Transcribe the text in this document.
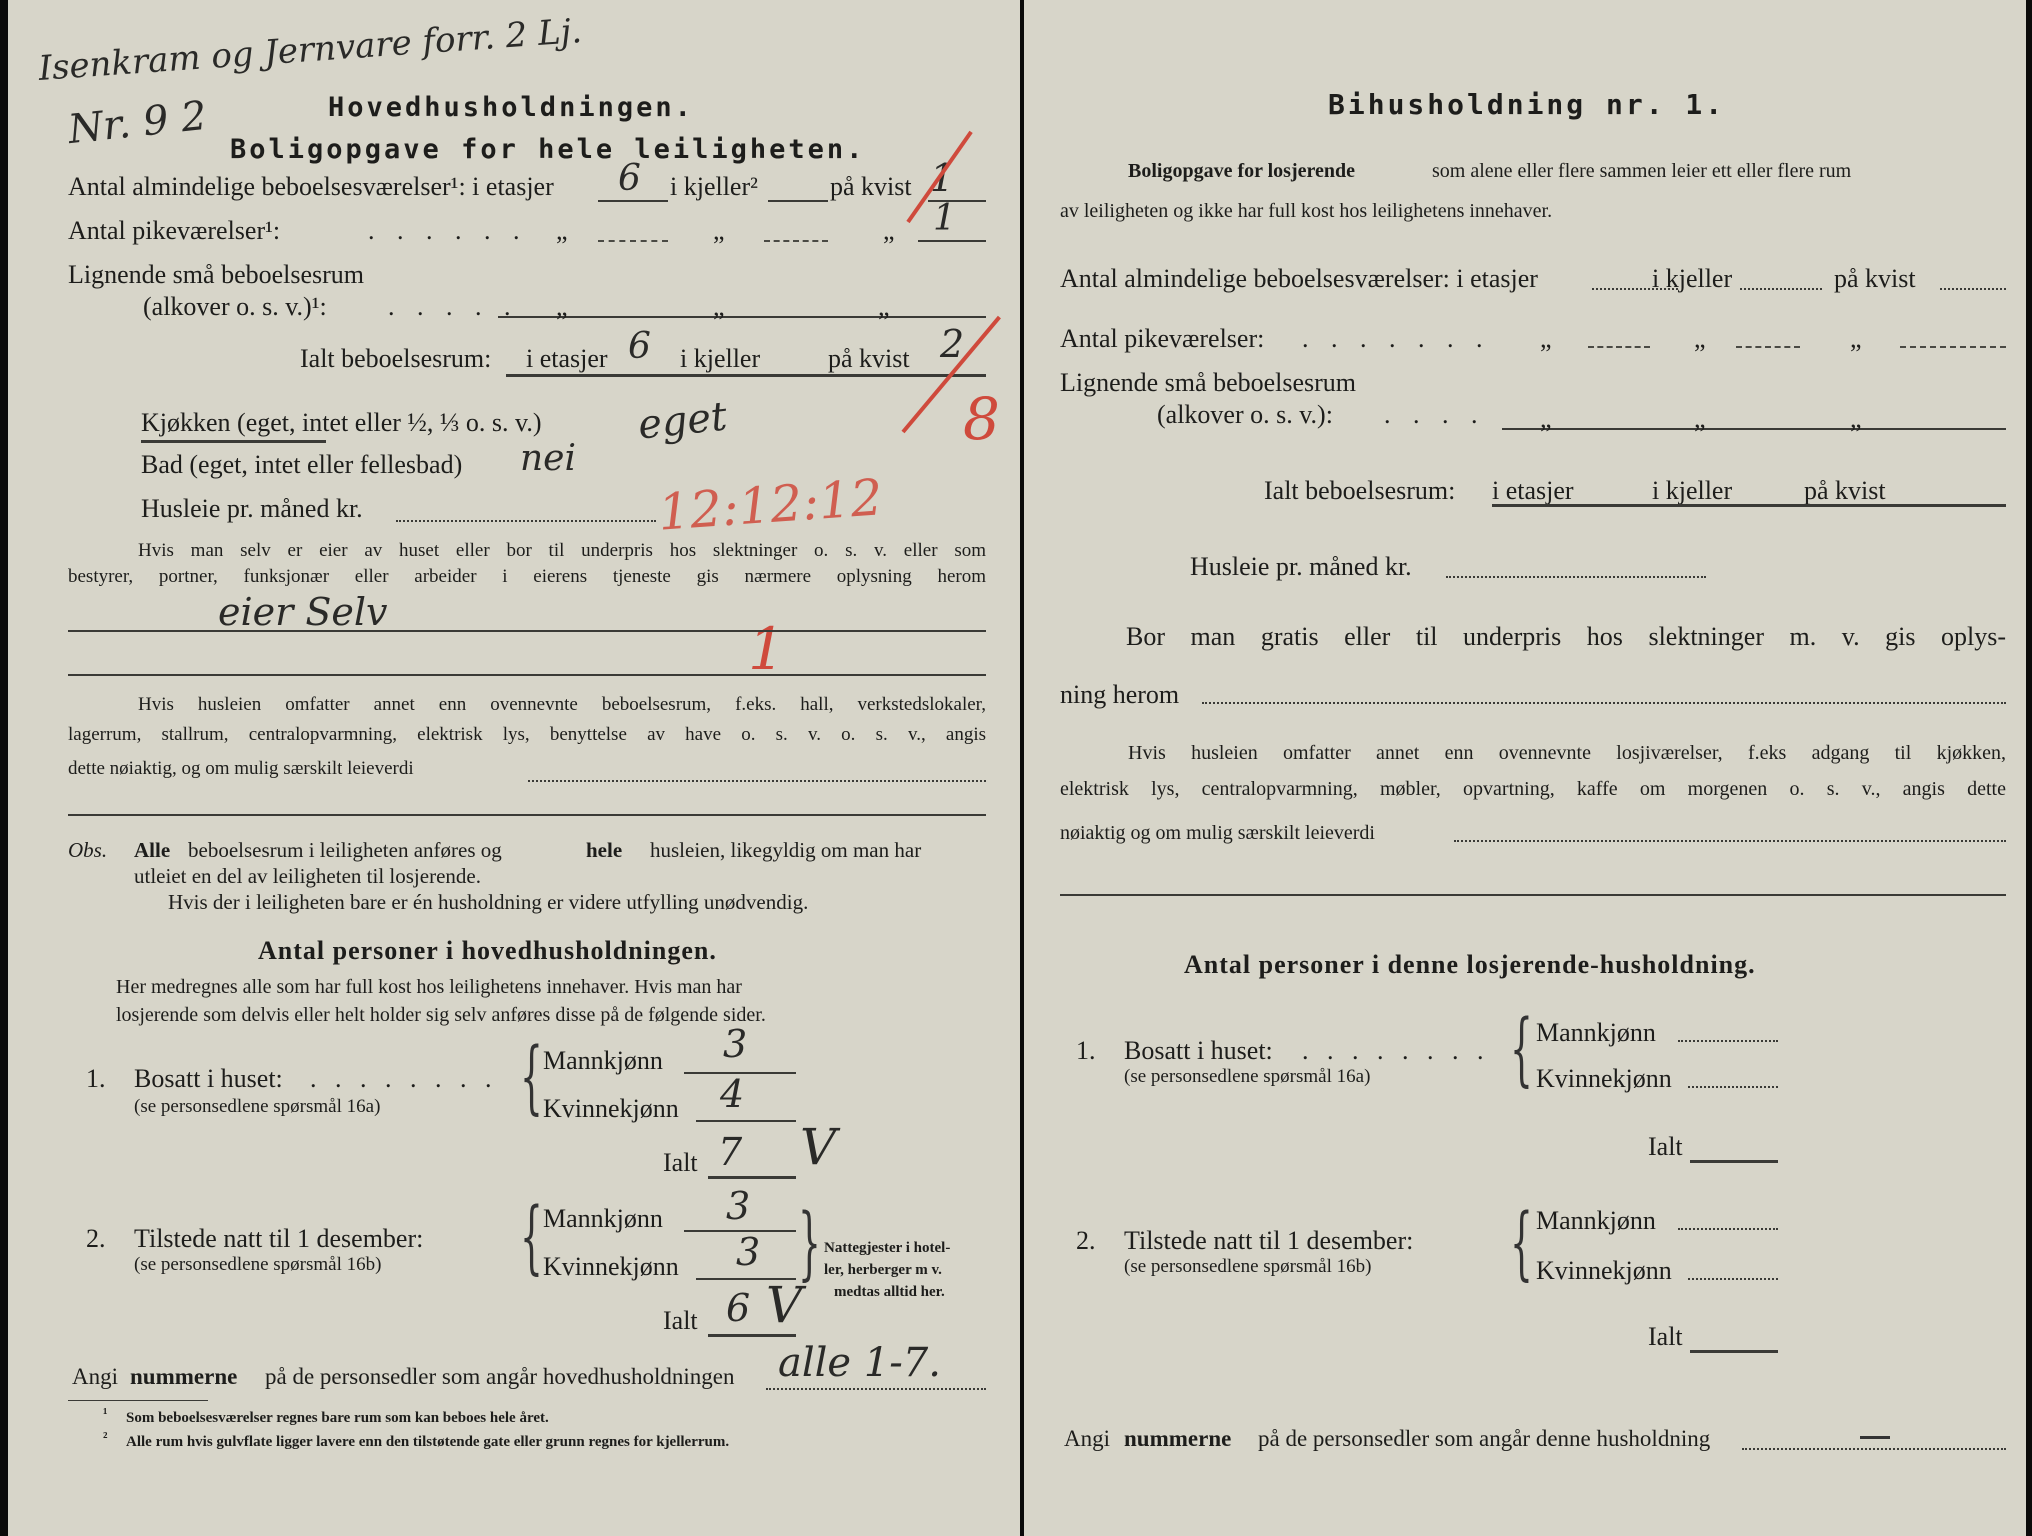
Isenkram og Jernvare forr. 2 Lj.
Nr. 9 2	Hovedhusholdningen.
Boligopgave for hele leiligheten.
Antal almindelige beboelsesværelser¹: i etasjer 6 i kjeller²	på kvist 1
Antal pikeværelser¹:	. . . . . . „	„	„ 1
Lignende små beboelsesrum
(alkover o. s. v.)¹: . . . . . „	„	„
Ialt beboelsesrum: i etasjer 6 i kjeller	på kvist 2
8
Kjøkken (eget, intet eller ½, ⅓ o. s. v.) eget
Bad (eget, intet eller fellesbad) nei
Husleie pr. måned kr.	12:12:12
Hvis man selv er eier av huset eller bor til underpris hos slektninger o. s. v. eller som
bestyrer, portner, funksjonær eller arbeider i eierens tjeneste gis nærmere oplysning herom
eier Selv
1
Hvis husleien omfatter annet enn ovennevnte beboelsesrum, f.eks. hall, verkstedslokaler,
lagerrum, stallrum, centralopvarmning, elektrisk lys, benyttelse av have o. s. v. o. s. v., angis
dette nøiaktig, og om mulig særskilt leieverdi
Obs. Alle beboelsesrum i leiligheten anføres og	hele husleien, likegyldig om man har
utleiet en del av leiligheten til losjerende.
Hvis der i leiligheten bare er én husholdning er videre utfylling unødvendig.
Antal personer i hovedhusholdningen.
Her medregnes alle som har full kost hos leilighetens innehaver. Hvis man har
losjerende som delvis eller helt holder sig selv anføres disse på de følgende sider.
1. Bosatt i huset: . . . . . . . .
(se personsedlene spørsmål 16a) { Mannkjønn 3
Kvinnekjønn 4
Ialt 7 V
2. Tilstede natt til 1 desember:
(se personsedlene spørsmål 16b) { Mannkjønn 3
Kvinnekjønn 3
Ialt 6 V
} Nattegjester i hotel-
ler, herberger m v.
medtas alltid her.
Angi nummerne på de personsedler som angår hovedhusholdningen alle 1-7.
¹ Som beboelsesværelser regnes bare rum som kan beboes hele året.
² Alle rum hvis gulvflate ligger lavere enn den tilstøtende gate eller grunn regnes for kjellerrum.
Bihusholdning nr. 1.
Boligopgave for losjerende	som alene eller flere sammen leier ett eller flere rum
av leiligheten og ikke har full kost hos leilighetens innehaver.
Antal almindelige beboelsesværelser: i etasjer	i kjeller	på kvist
Antal pikeværelser: . . . . . . . „	„	„
Lignende små beboelsesrum
(alkover o. s. v.): . . . . „	„	„
Ialt beboelsesrum: i etasjer	i kjeller	på kvist
Husleie pr. måned kr.
Bor man gratis eller til underpris hos slektninger m. v. gis oplys-
ning herom
Hvis husleien omfatter annet enn ovennevnte losjiværelser, f.eks adgang til kjøkken,
elektrisk lys, centralopvarmning, møbler, opvartning, kaffe om morgenen o. s. v., angis dette
nøiaktig og om mulig særskilt leieverdi
Antal personer i denne losjerende-husholdning.
1. Bosatt i huset: . . . . . . . .
(se personsedlene spørsmål 16a) { Mannkjønn
Kvinnekjønn
Ialt
2. Tilstede natt til 1 desember:
(se personsedlene spørsmål 16b) { Mannkjønn
Kvinnekjønn
Ialt
Angi nummerne på de personsedler som angår denne husholdning
